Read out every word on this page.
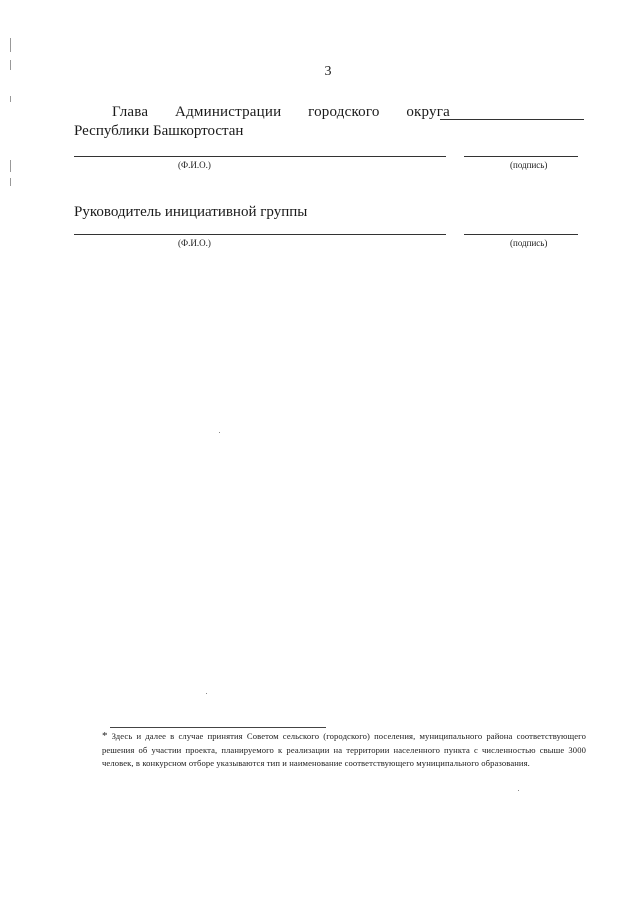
3
Глава Администрации городского округа
Республики Башкортостан
(Ф.И.О.)	(подпись)
Руководитель инициативной группы
(Ф.И.О.)	(подпись)
* Здесь и далее в случае принятия Советом сельского (городского) поселения, муниципального района соответствующего решения об участии проекта, планируемого к реализации на территории населенного пункта с численностью свыше 3000 человек, в конкурсном отборе указываются тип и наименование соответствующего муниципального образования.
